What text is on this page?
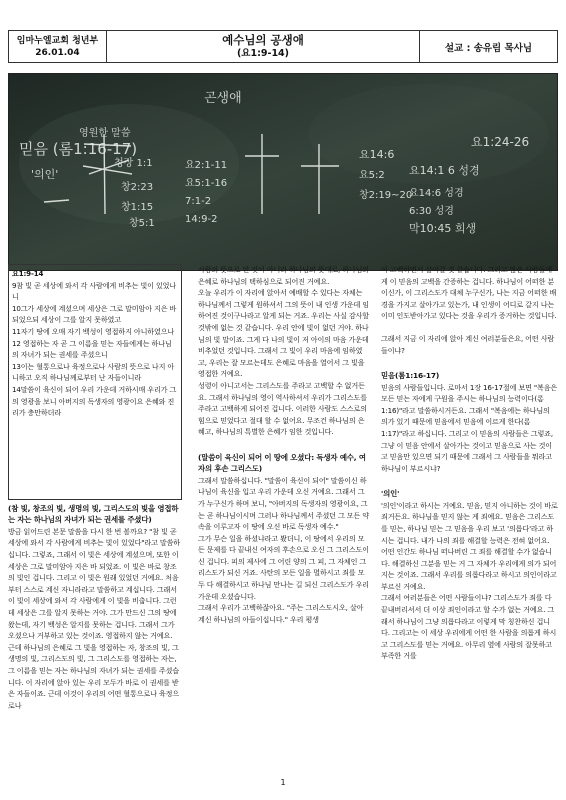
임마누엘교회 청년부
26.01.04
예수님의 공생애
(요1:9-14)	설교 : 송유림 목사님
곤생애
믿음 (롬1:16-17)
'의인'
영원한 말씀
요1:24-26
청장 1:1	요2:1-11
창2:23	요5:1-16
창1:15
7:1-2
14:9-2
창5:1
요14:6
요14:1 6 성경
요5:2
창2:19~20
요14:6 성경
6:30 성경
막10:45 희생

요1:9-14

9참 빛 곧 세상에 와서 각 사람에게 비추는 빛이 있었나니

10그가 세상에 계셨으며 세상은 그로 말미암아 지은 바 되었으되 세상이 그를 알지 못하였고

11자기 땅에 오매 자기 백성이 영접하지 아니하였으나

12 영접하는 자 곧 그 이름을 믿는 자들에게는 하나님의 자녀가 되는 권세를 주셨으니

13이는 혈통으로나 육정으로나 사람의 뜻으로 나지 아니하고 오직 하나님께로부터 난 자들이니라

14말씀이 육신이 되어 우리 가운데 거하시매 우리가 그의 영광을 보니 아버지의 독생자의 영광이요 은혜와 진리가 충만하더라

(참 빛, 창조의 빛, 생명의 빛, 그리스도의 빛을 영접하는 자는 하나님의 자녀가 되는 권세를 주셨다)

방금 읽어드린 본문 말씀을 다시 한 번 볼까요? "참 빛 곧 세상에 와서 각 사람에게 비추는 빛이 있었다"라고 말씀하십니다. 그렇죠, 그래서 이 빛은 세상에 계셨으며, 또한 이 세상은 그로 말미암아 지은 바 되었죠. 이 빛은 바로 창조의 빛인 겁니다. 그리고 이 빛은 원래 있었던 거예요. 처음부터 스스로 계신 자니라라고 말씀하고 계십니다. 그래서 이 빛이 세상에 와서 각 사람에게 이 빛을 비춥니다. 그런데 세상은 그를 알지 못하는 거야. 그가 만드신 그의 땅에 왔는데, 자기 백성은 알지를 못하는 겁니다. 그래서 그가 오셨으나 거부하고 있는 것이죠. 영접하지 않는 거예요.

근데 하나님의 은혜로 그 빛을 영접하는 자, 창조의 빛, 그 생명의 빛, 그리스도의 빛, 그 그리스도를 영접하는 자는, 그 이름을 믿는 자는 하나님의 자녀가 되는 권세를 주셨습니다. 이 자리에 앉아 있는 우리 모두가 바로 이 권세를 받은 자들이죠. 근데 이것이 우리의 어떤 혈통으로나 육정으로나

사람의 뜻으로 된 것이 아니라 하나님의 뜻대로, 하나님의 은혜로 하나님의 택하심으로 되어진 거예요.

오늘 우리가 이 자리에 앉아서 예배할 수 있다는 자체는 하나님께서 그렇게 원하셔서 그의 뜻이 내 인생 가운데 임하여진 것이구나라고 알게 되는 거죠. 우리는 사실 감사할 것밖에 없는 것 같습니다. 우리 안에 빛이 없던 거야. 하나님의 빛 말이죠. 그게 다 나의 빛이 저 아이의 마음 가운데 비추었던 것입니다. 그래서 그 빛이 우리 마음에 임하였고, 우리는 잘 모르는데도 은혜로 마음을 열어서 그 빛을 영접한 거예요.

성령이 아니고서는 그리스도를 주라고 고백할 수 없거든요. 그래서 하나님의 영이 역사하셔서 우리가 그리스도를 주라고 고백하게 되어진 겁니다. 이러한 사람도 스스로의 힘으로 믿었다고 절대 할 수 없어요. 무조건 하나님의 은혜고, 하나님의 특별한 은혜가 임한 것입니다.

(말씀이 육신이 되어 이 땅에 오셨다: 독생자 예수, 여자의 후손 그리스도)

그래서 말씀하십니다. "말씀이 육신이 되어" 말씀이신 하나님이 육신을 입고 우리 가운데 오신 거예요. 그래서 그가 누구신가 하며 보니, "아버지의 독생자의 영광이요, 그는 곧 하나님이시며 그러나 하나님께서 주셨던 그 모든 약속을 이루고자 이 땅에 오신 바로 독생자 예수."

그가 무슨 일을 하셨냐라고 봤더니, 이 땅에서 우리의 모든 문제를 다 끝내신 여자의 후손으로 오신 그 그리스도이신 겁니다. 피의 제사에 그 어린 양의 그 피, 그 자체인 그리스도가 되신 거죠. 사탄의 모든 일을 멸하시고 죄를 모두 다 해결하시고 하나님 만나는 길 되신 그리스도가 우리 가운데 오셨습니다.

그래서 우리가 고백하잖아요. "주는 그리스도시오, 살아계신 하나님의 아들이십니다." 우리 평생

이 고백하면서 살아갈 것 같습니다. 그리고 많은 사람들에게 이 믿음의 고백을 간증하는 겁니다. 하나님이 어떠한 분이신가, 이 그리스도가 대체 누구신가, 나는 지금 어떠한 배경을 가지고 살아가고 있는가, 내 인생이 어디로 갈지 나는 이미 인도받아가고 있다는 것을 우리가 증거하는 것입니다.

그래서 지금 이 자리에 앉아 계신 여러분들은요, 어떤 사람들이냐?

믿음(롬1:16-17)

믿음의 사람들입니다. 로마서 1장 16-17절에 보면 "복음은 모든 믿는 자에게 구원을 주시는 하나님의 능력이다(롬1:16)"라고 말씀하시거든요. 그래서 "복음에는 하나님의 의가 있기 때문에 믿음에서 믿음에 이르게 한다(롬1:17)"라고 하십니다. 그리고 이 믿음의 사람들은 그렇죠, 그냥 이 믿음 안에서 살아가는 것이고 믿음으로 사는 것이고 믿음만 있으면 되기 때문에 그래서 그 사람들을 뭐라고 하나님이 부르시냐?

'의인'

'의인'이라고 하시는 거예요. 믿음, 믿지 아니하는 것이 바로 죄거든요. 하나님을 믿지 않는 게 죄예요. 믿음은 그리스도를 믿는, 하나님 믿는 그 믿음을 우리 보고 '의롭다'라고 하시는 겁니다. 내가 나의 죄를 해결할 능력은 전혀 없어요. 어떤 인간도 하나님 떠나버린 그 죄를 해결할 수가 없습니다. 해결하신 그분을 믿는 거 그 자체가 우리에게 의가 되어지는 것이죠. 그래서 우리를 의롭다라고 하시고 의인이라고 부르신 거예요.

그래서 여러분들은 어떤 사람들이냐? 그리스도가 죄를 다 끝내버리셔서 더 이상 죄인이라고 할 수가 없는 거예요. 그래서 하나님이 그냥 의롭다라고 이렇게 막 칭찬하신 겁니다. 그리고는 이 세상 우리에게 어떤 한 사람을 의롭게 하시고 그리스도를 믿는 거예요. 아무리 옆에 사람의 잘못하고 부족한 거를

1
